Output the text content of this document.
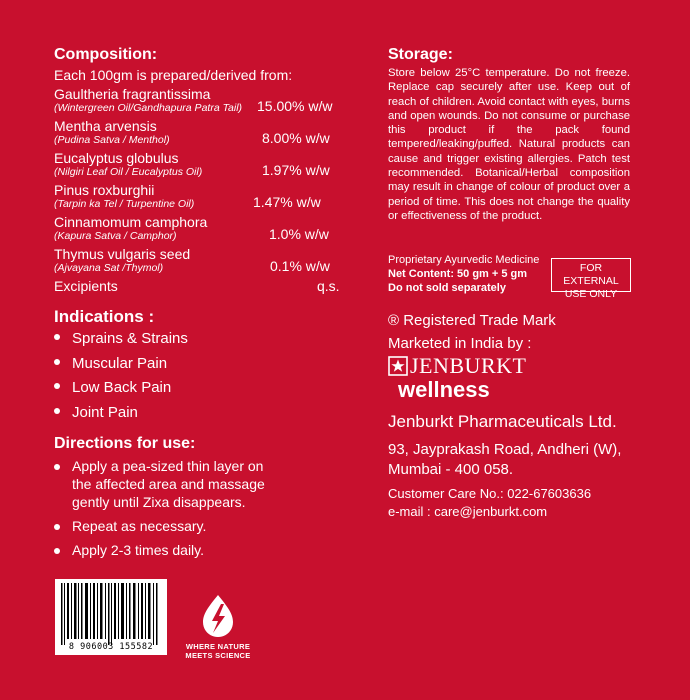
Composition:
Each 100gm is prepared/derived from:
Gaultheria fragrantissima
(Wintergreen Oil/Gandhapura Patra Tail)	15.00% w/w
Mentha arvensis
(Pudina Satva / Menthol)	8.00% w/w
Eucalyptus globulus
(Nilgiri Leaf Oil / Eucalyptus Oil)	1.97% w/w
Pinus roxburghii
(Tarpin ka Tel / Turpentine Oil)	1.47% w/w
Cinnamomum camphora
(Kapura Satva / Camphor)	1.0% w/w
Thymus vulgaris seed
(Ajvayana Sat /Thymol)	0.1% w/w
Excipients	q.s.
Indications :
Sprains & Strains
Muscular Pain
Low Back Pain
Joint Pain
Directions for use:
Apply a pea-sized thin layer on the affected area and massage gently until Zixa disappears.
Repeat as necessary.
Apply 2-3 times daily.
8 906003 155582	WHERE NATURE
MEETS SCIENCE
Storage:
Store below 25°C temperature. Do not freeze. Replace cap securely after use. Keep out of reach of children. Avoid contact with eyes, burns and open wounds. Do not consume or purchase this product if the pack found tempered/leaking/puffed. Natural products can cause and trigger existing allergies. Patch test recommended. Botanical/Herbal composition may result in change of colour of product over a period of time. This does not change the quality or effectiveness of the product.
Proprietary Ayurvedic Medicine
Net Content: 50 gm + 5 gm
Do not sold separately
FOR EXTERNAL USE ONLY
® Registered Trade Mark
Marketed in India by :
JENBURKT
wellness
Jenburkt Pharmaceuticals Ltd.
93, Jayprakash Road, Andheri (W),
Mumbai - 400 058.
Customer Care No.: 022-67603636
e-mail : care@jenburkt.com
